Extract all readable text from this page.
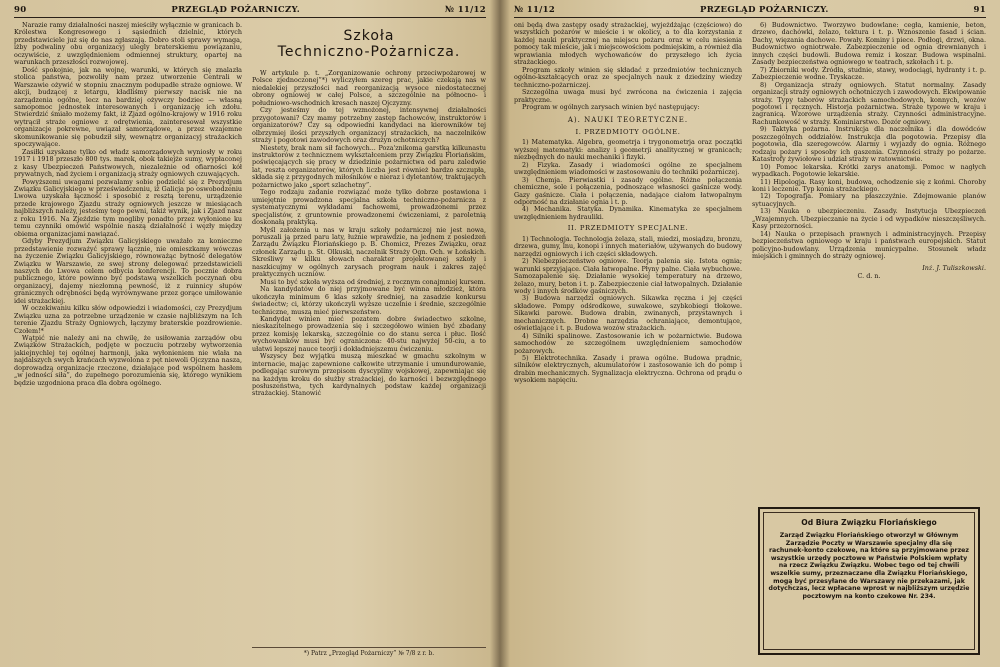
90	PRZEGLĄD POŻARNICZY.	№ 11/12

Narazie ramy działalności naszej mieściły wyłącznie w granicach b. Królestwa Kongresowego i sąsiednich dzielnic, których przedstawiciele już się do nas zgłaszają. Dobro stoli sprawy wymaga, iżby podwaliny obu organizacyj ulegly braterskiemu powiązaniu, oczywiście, z uwzględnieniem odmiennej struktury, opartej na warunkach przeszłości rozwojowej.

Dość spokojnie, jak na wojnę, warunki, w których się znalazła stolica państwa, pozwoliły nam przez utworzenie Centrali w Warszawie ożywić w stopniu znacznym podupadłe straże ogniowe. W akcji, budzącej z letargu, kładliśmy pierwszy nacisk nie na zarządzenia ogólne, lecz na bardziej ożywczy bodziec — własną samopomoc jednostek interesowanych i organizację ich zdołu. Stwierdzić śmiało możemy fakt, iż Zjazd ogólno-krajowy w 1916 roku wytrącił straże ogniowe z odrętwienia, zainteresował wszystkie organizacje pokrewne, uwiązał samorządowe, a przez wzajemne skomunikowanie się pobudził siły, wewnątrz organizacyj strażackich spoczywające.

Zasiłki uzyskane tylko od władz samorządowych wyniosły w roku 1917 i 1918 przeszło 800 tys. marek, obok takiejże sumy, wypłaconej z kasy Ubezpieczeń Państwowych, niezależnie od ofiarności kół prywatnych, nad życiem i organizacją straży ogniowych czuwających.

Powyższemi uwagami pozwalamy sobie podzielić się z Prezydjum Związku Galicyjskiego w przeświadczeniu, iż Galicja po oswobodzeniu Lwowa uzyskała łączność i sposobić z resztą terenu, urządzenie przede krajowego Zjazdu straży ogniowych jeszcze w miesiącach najbliższych należy, jesteśmy tego pewni, takiż wynik, jak i Zjazd nasz z roku 1916. Na Zjeździe tym mogliby ponadto przez wyłonione ku temu czynniki omówić wspólnie naszą działalność i węzły między obiema organizacjami nawiązać.

Gdyby Prezydjum Związku Galicyjskiego uważało za konieczne przedstawienie rozważyć sprawy łącznie, nie omieszkamy wówczas na życzenie Związku Galicyjskiego, równoważąc bytność delegatów Związku w Warszawie, ze swej strony delegować przedstawicieli naszych do Lwowa celem odbycia konferencji. To pocznie dobra publicznego, które powinno być podstawą wszelkich poczynań obu organizacyj, dajemy niezłomną pewność, iż z ruinnicy słupów granicznych odrębności będą wyrównywane przez gorące umiłowanie idei strażackiej.

W oczekiwaniu kilku słów odpowiedzi i wiadomości, czy Prezydjum Związku uzna za potrzebne urządzenie w czasie najbliższym na Ich terenie Zjazdu Straży Ogniowych, łączymy braterskie pozdrowienie. Czołem!*

Wątpić nie należy ani na chwilę, że usiłowania zarządów obu Związków Strażackich, podjęte w poczuciu potrzeby wytworzenia jakiejnychlej tej ogólnej harmonji, jaka wyłonieniem nie wlała na najdalszych swych krańcach wyzwolona z pęt niewoli Ojczyzna nasza, doprowadzą organizacje rzeczone, działające pod wspólnem hasłem „w jedności siła”, do zupełnego porozumienia się, którego wynikiem będzie uzgodniona praca dla dobra ogólnego.

Szkoła
Techniczno-Pożarnicza.

W artykule p. t. „Zorganizowanie ochrony przeciwpożarowej w Polsce zjednoczonej”*) wyliczyłem szereg prac, jakie czekają nas w niedalekiej przyszłości nad reorganizacją wysoce niedostatecznej obrony ogniowej w całej Polsce, a szczególnie na północno- i południowo-wschodnich kresach naszej Ojczyzny.

Czy jesteśmy do tej wzmożonej, intensywnej działalności przygotowani? Czy mamy potrzebny zastęp fachowców, instruktorów i organizatorów? Czy są odpowiedni kandydaci na kierowników tej olbrzymiej ilości przyszłych organizacyj strażackich, na naczelników straży i pogotowi zawodowych oraz drużyn ochotniczych?

Niestety, brak nam sił fachowych... Poza'znikomą garstką kilkunastu instruktorów z technicznem wykształceniem przy Związku Floriańskim, poświęcających się pracy w dziedzinie pożarnictwa od paru zaledwie lat, reszta organizatorów, których liczba jest również bardzo szczupła, składa się z przygodnych miłośników e nieraz i dyletantów, traktujących pożarnictwo jako „sport szlachetny”.

Tego rodzaju zadanie rozwiązać może tylko dobrze postawiona i umiejętnie prowadzona specjalna szkoła techniczno-pożarnicza z systematycznymi wykładami fachowemi, prowadzonemi przez specjalistów, z gruntownie prowadzonemi ćwiczeniami, z paroletnią doskonałą praktyką.

Myśl założenia u nas w kraju szkoły pożarniczej nie jest nowa, poruszali ją przed paru laty, łużnie wprawdzie, na jednem z posiedzeń Zarządu Związku Floriańskiego p. B. Chomicz, Prezes Związku, oraz członek Zarządu p. St. Olkuski, naczelnik Straży Ogn. Och. w Łońskich. Skreśliwy w kilku słowach charakter projektowanej szkoły i naszkicujmy w ogólnych zarysach program nauk i zakres zajęć praktycznych uczniów.

Musi to być szkoła wyższa od średniej, z rocznym conajmniej kursem.

Na kandydatów do niej przyjmowane być winna młodzież, która ukończyła minimum 6 klas szkoły średniej, na zasadzie konkursu świadectw; ci, którzy ukończyli wyższe uczelnie i średnie, szczególnie techniczne, muszą mieć pierwszeństwo.

Kandydat winien mieć pozatem dobre świadectwo szkolne, nieskazitelnego prowadzenia się i szczegółowo winien być zbadany przez komisję lekarską, szczególnie co do stanu serca i płuc. Ilość wychowanków musi być ograniczona: 40-stu najwyżej 50-ciu, a to ułatwi lepszej nauce teorji i dokładniejszemu ćwiczeniu.

Wszyscy bez wyjątku muszą mieszkać w gmachu szkolnym w internacie, mając zapewnione całkowite utrzymanie i umundurowanie, podlegając surowym przepisom dyscypliny wojskowej, zapewniając się na każdym kroku do służby strażackiej, do karności i bezwzględnego posłuszeństwa, tych kardynalnych podstaw każdej organizacji strażackiej. Stanowić

*) Patrz „Przegląd Pożarniczy” № 7/8 z r. b.
№ 11/12	PRZEGLĄD POŻARNICZY.	91

oni będą dwa zastępy osady strażackiej, wyjeżdżając (częściowo) do wszystkich pożarów w mieście i w okolicy, a to dla korzystania z każdej nauki praktycznej na miejscu pożaru oraz w celu niesienia pomocy tak mieście, jak i miejscowościom podmiejskim, a również dla wprawiania młodych wychowańców do przyszłego ich życia strażackiego.

Program szkoły winien się składać z przedmiotów technicznych ogólno-kształcących oraz ze specjalnych nauk z dziedziny wiedzy techniczno-pożarniczej.

Szczególna uwaga musi być zwrócona na ćwiczenia i zajęcia praktyczne.

Program w ogólnych zarysach winien być następujący:

A). NAUKI TEORETYCZNE.
I. PRZEDMIOTY OGÓLNE.

1) Matematyka. Algebra, geometrja i trygonometrja oraz początki wyższej matematyki: analizy i geometrji analitycznej w granicach; niezbędnych do nauki mechaniki i fizyki.

2) Fizyka. Zasady i wiadomości ogólne ze specjalnem uwzględnieniem wiadomości w zastosowaniu do techniki pożarniczej.

3) Chemja. Pierwiastki i zasady ogólne. Różne połączenia chemiczne, sole i połączenia, podnoszące własności gaśnicze wody. Gazy gaśnicze. Ciała i połączenia, nadające ciałom łatwopalnym odporność na działanie ognia i t. p.

4) Mechanika. Statyka. Dynamika. Kinematyka ze specjalnem uwzględnieniem hydrauliki.

II. PRZEDMIOTY SPECJALNE.

1) Technologja. Technologja żelaza, stali, miedzi, mosiądzu, bronzu, drzewa, gumy, lnu, konopi i innych materiałów, używanych do budowy narzędzi ogniowych i ich części składowych.

2) Niebezpieczeństwo ogniowe. Teorja palenia się. Istota ognia; warunki sprzyjające. Ciała łatwopalne. Płyny palne. Ciała wybuchowe. Samozapalenie się. Działanie wysokiej temperatury na drzewo, żelazo, mury, beton i t. p. Zabezpieczenie ciał łatwopalnych. Działanie wody i innych środków gaśniczych.

3) Budowa narzędzi ogniowych. Sikawka ręczna i jej części składowe. Pompy odśrodkowe, suwakowe, szybkobiegi tłokowe. Sikawki parowe. Budowa drabin, zwinanych, przystawnych i mechanicznych. Drobne narzędzia ochraniające, demontujące, oświetlające i t. p. Budowa wozów strażackich.

4) Silniki spalinowe. Zastosowanie ich w pożarnictwie. Budowa samochodów ze szczególnem uwzględnieniem samochodów pożarowych.

5) Elektrotechnika. Zasady i prawa ogólne. Budowa prądnic, silników elektrycznych, akumulatorów i zastosowanie ich do pomp i drabin mechanicznych. Sygnalizacja elektryczna. Ochrona od prądu o wysokiem napięciu.

6) Budownictwo. Tworzywo budowlane: cegła, kamienie, beton, drzewo, dachówki, żelazo, tektura i t. p. Wznoszenie fasad i ścian. Dachy, więzania dachowe. Powały. Kominy i piece. Podłogi, drzwi, okna. Budownictwo ogniotrwałe. Zabezpieczenie od ognia drewnianych i innych części budowli. Budowa remiz i koszar. Budowa wspinalni. Zasady bezpieczeństwa ogniowego w teatrach, szkołach i t. p.

7) Zbiorniki wody. Źródła, studnie, stawy, wodociągi, hydranty i t. p. Zabezpieczenie wodne. Tryskacze.

8) Organizacja straży ogniowych. Statut normalny. Zasady organizacji straży ogniowych ochotniczych i zawodowych. Ekwipowanie straży. Typy taborów strażackich samochodowych, konnych, wozów pogotowi i ręcznych. Historja pożarnictwa. Straże typowe w kraju i zagranicą. Wzorowe urządzenia straży. Czynności administracyjne. Rachunkowość w straży. Kominiarstwo. Dozór ogniowy.

9) Taktyka pożarna. Instrukcja dla naczelnika i dla dowódców poszczególnych oddziałów. Instrukcja dla pogotowia. Przepisy dla pogotowia, dla szeregowców. Alarmy i wyjazdy do ognia. Różnego rodzaju pożary i sposoby ich gaszenia. Czynności straży po pożarze. Katastrofy żywiołowe i udział straży w ratownictwie.

10) Pomoc lekarska. Krótki zarys anatomji. Pomoc w nagłych wypadkach. Pogotowie lekarskie.

11) Hipologja. Rasy koni, budowa, ochodzenie się z końmi. Choroby koni i leczenie. Typ konia strażackiego.

12) Topografja. Pomiary na płaszczyźnie. Zdejmowanie planów sytuacyjnych.

13) Nauka o ubezpieczeniu. Zasady. Instytucja Ubezpieczeń „Wzajemnych. Ubezpieczanie na życie i od wypadków nieszczęśliwych. Kasy przezorności.

14) Nauka o przepisach prawnych i administracyjnych. Przepisy bezpieczeństwa ogniowego w kraju i państwach europejskich. Statut policyjno-budowlany. Urządzenia municypalne. Stosunek władz miejskich i gminnych do straży ogniowej.

Inż. J. Tuliszkowski.
C. d. n.
Od Biura Związku Floriańskiego
Zarząd Związku Floriańskiego otworzył w Głównym Zarządzie Poczty w Warszawie specjalny dla się rachunek-konto czekowe, na które są przyjmowane przez wszystkie urzędy pocztowe w Państwie Polskiem wpłaty na rzecz Związku Związku. Wobec tego od tej chwili wszelkie sumy, przeznaczane dla Związku Floriańskiego, mogą być przesyłane do Warszawy nie przekazami, jak dotychczas, lecz wpłacane wprost w najbliższym urzędzie pocztowym na konto czekowe Nr. 234.
